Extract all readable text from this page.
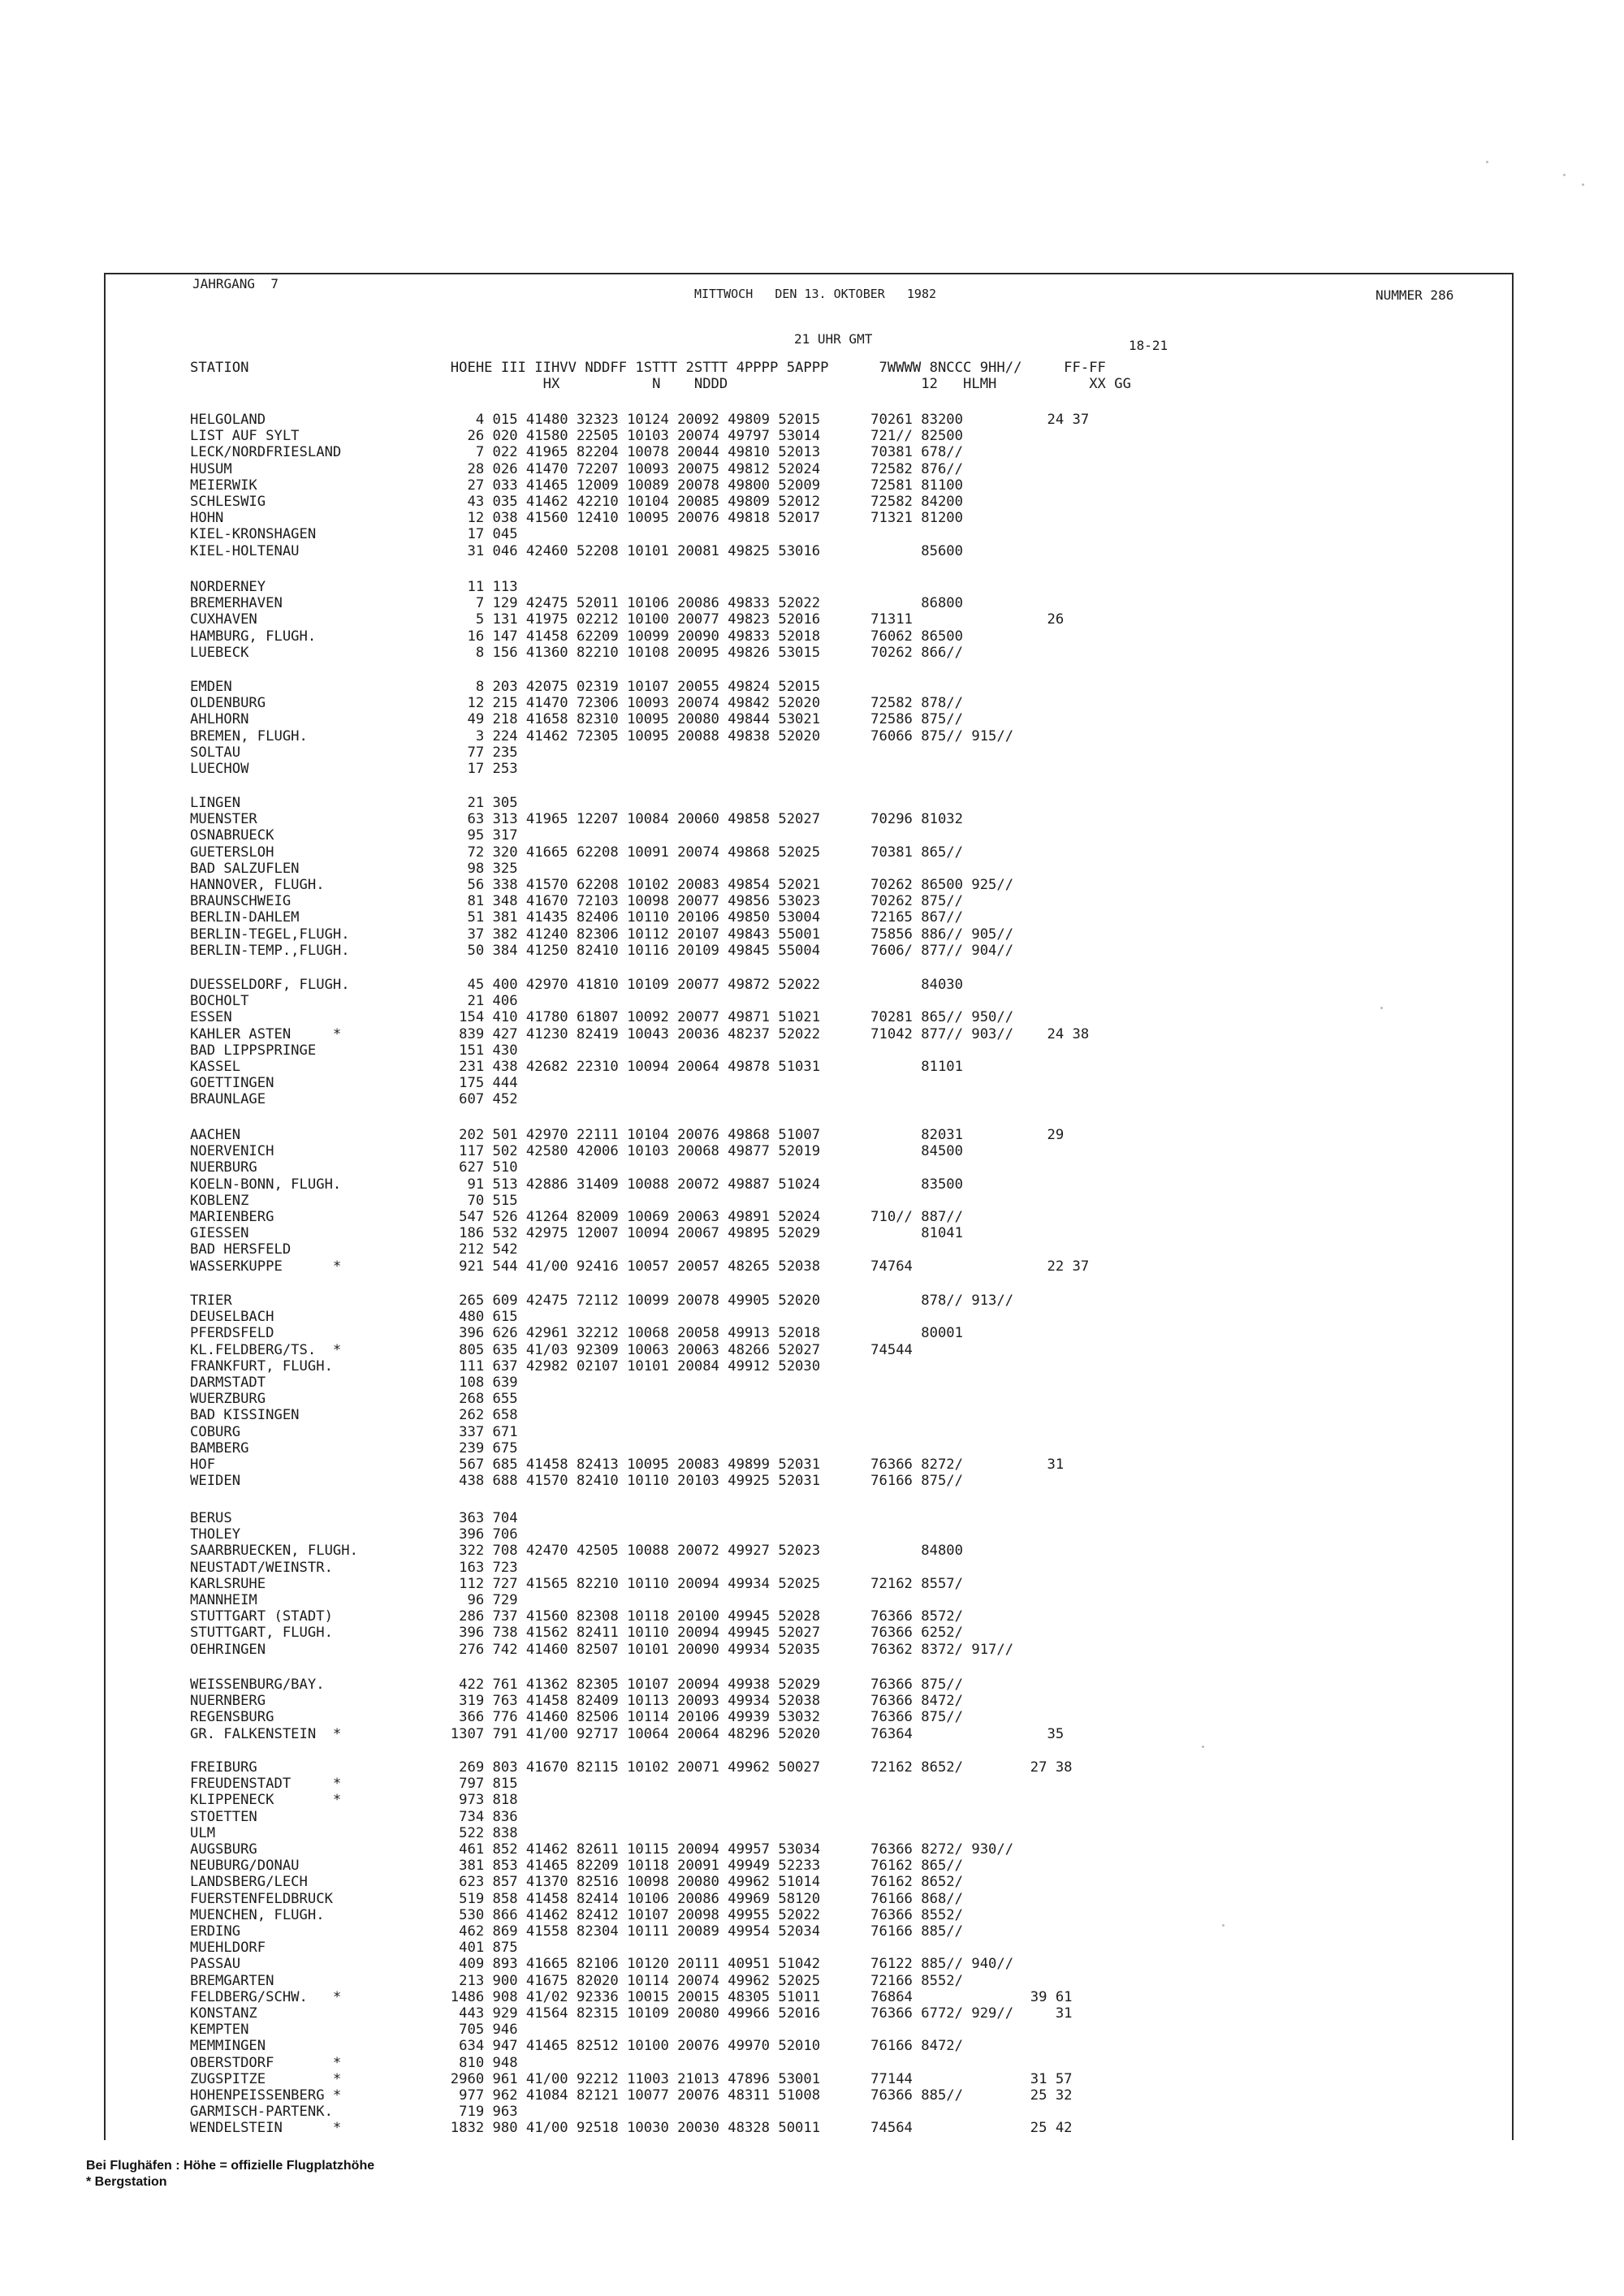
JAHRGANG  7
MITTWOCH   DEN 13. OKTOBER   1982	NUMMER 286
21 UHR GMT	18-21
STATION                        HOEHE III IIHVV NDDFF 1STTT 2STTT 4PPPP 5APPP      7WWWW 8NCCC 9HH//     FF-FF
HX           N    NDDD                       12   HLMH           XX GG
HELGOLAND                         4 015 41480 32323 10124 20092 49809 52015      70261 83200          24 37
LIST AUF SYLT                    26 020 41580 22505 10103 20074 49797 53014      721// 82500
LECK/NORDFRIESLAND                7 022 41965 82204 10078 20044 49810 52013      70381 678//
HUSUM                            28 026 41470 72207 10093 20075 49812 52024      72582 876//
MEIERWIK                         27 033 41465 12009 10089 20078 49800 52009      72581 81100
SCHLESWIG                        43 035 41462 42210 10104 20085 49809 52012      72582 84200
HOHN                             12 038 41560 12410 10095 20076 49818 52017      71321 81200
KIEL-KRONSHAGEN                  17 045
KIEL-HOLTENAU                    31 046 42460 52208 10101 20081 49825 53016            85600
NORDERNEY                        11 113
BREMERHAVEN                       7 129 42475 52011 10106 20086 49833 52022            86800
CUXHAVEN                          5 131 41975 02212 10100 20077 49823 52016      71311                26
HAMBURG, FLUGH.                  16 147 41458 62209 10099 20090 49833 52018      76062 86500
LUEBECK                           8 156 41360 82210 10108 20095 49826 53015      70262 866//
EMDEN                             8 203 42075 02319 10107 20055 49824 52015
OLDENBURG                        12 215 41470 72306 10093 20074 49842 52020      72582 878//
AHLHORN                          49 218 41658 82310 10095 20080 49844 53021      72586 875//
BREMEN, FLUGH.                    3 224 41462 72305 10095 20088 49838 52020      76066 875// 915//
SOLTAU                           77 235
LUECHOW                          17 253
LINGEN                           21 305
MUENSTER                         63 313 41965 12207 10084 20060 49858 52027      70296 81032
OSNABRUECK                       95 317
GUETERSLOH                       72 320 41665 62208 10091 20074 49868 52025      70381 865//
BAD SALZUFLEN                    98 325
HANNOVER, FLUGH.                 56 338 41570 62208 10102 20083 49854 52021      70262 86500 925//
BRAUNSCHWEIG                     81 348 41670 72103 10098 20077 49856 53023      70262 875//
BERLIN-DAHLEM                    51 381 41435 82406 10110 20106 49850 53004      72165 867//
BERLIN-TEGEL,FLUGH.              37 382 41240 82306 10112 20107 49843 55001      75856 886// 905//
BERLIN-TEMP.,FLUGH.              50 384 41250 82410 10116 20109 49845 55004      7606/ 877// 904//
DUESSELDORF, FLUGH.              45 400 42970 41810 10109 20077 49872 52022            84030
BOCHOLT                          21 406
ESSEN                           154 410 41780 61807 10092 20077 49871 51021      70281 865// 950//
KAHLER ASTEN     *              839 427 41230 82419 10043 20036 48237 52022      71042 877// 903//    24 38
BAD LIPPSPRINGE                 151 430
KASSEL                          231 438 42682 22310 10094 20064 49878 51031            81101
GOETTINGEN                      175 444
BRAUNLAGE                       607 452
AACHEN                          202 501 42970 22111 10104 20076 49868 51007            82031          29
NOERVENICH                      117 502 42580 42006 10103 20068 49877 52019            84500
NUERBURG                        627 510
KOELN-BONN, FLUGH.               91 513 42886 31409 10088 20072 49887 51024            83500
KOBLENZ                          70 515
MARIENBERG                      547 526 41264 82009 10069 20063 49891 52024      710// 887//
GIESSEN                         186 532 42975 12007 10094 20067 49895 52029            81041
BAD HERSFELD                    212 542
WASSERKUPPE      *              921 544 41/00 92416 10057 20057 48265 52038      74764                22 37
TRIER                           265 609 42475 72112 10099 20078 49905 52020            878// 913//
DEUSELBACH                      480 615
PFERDSFELD                      396 626 42961 32212 10068 20058 49913 52018            80001
KL.FELDBERG/TS.  *              805 635 41/03 92309 10063 20063 48266 52027      74544
FRANKFURT, FLUGH.               111 637 42982 02107 10101 20084 49912 52030
DARMSTADT                       108 639
WUERZBURG                       268 655
BAD KISSINGEN                   262 658
COBURG                          337 671
BAMBERG                         239 675
HOF                             567 685 41458 82413 10095 20083 49899 52031      76366 8272/          31
WEIDEN                          438 688 41570 82410 10110 20103 49925 52031      76166 875//
BERUS                           363 704
THOLEY                          396 706
SAARBRUECKEN, FLUGH.            322 708 42470 42505 10088 20072 49927 52023            84800
NEUSTADT/WEINSTR.               163 723
KARLSRUHE                       112 727 41565 82210 10110 20094 49934 52025      72162 8557/
MANNHEIM                         96 729
STUTTGART (STADT)               286 737 41560 82308 10118 20100 49945 52028      76366 8572/
STUTTGART, FLUGH.               396 738 41562 82411 10110 20094 49945 52027      76366 6252/
OEHRINGEN                       276 742 41460 82507 10101 20090 49934 52035      76362 8372/ 917//
WEISSENBURG/BAY.                422 761 41362 82305 10107 20094 49938 52029      76366 875//
NUERNBERG                       319 763 41458 82409 10113 20093 49934 52038      76366 8472/
REGENSBURG                      366 776 41460 82506 10114 20106 49939 53032      76366 875//
GR. FALKENSTEIN  *             1307 791 41/00 92717 10064 20064 48296 52020      76364                35
FREIBURG                        269 803 41670 82115 10102 20071 49962 50027      72162 8652/        27 38
FREUDENSTADT     *              797 815
KLIPPENECK       *              973 818
STOETTEN                        734 836
ULM                             522 838
AUGSBURG                        461 852 41462 82611 10115 20094 49957 53034      76366 8272/ 930//
NEUBURG/DONAU                   381 853 41465 82209 10118 20091 49949 52233      76162 865//
LANDSBERG/LECH                  623 857 41370 82516 10098 20080 49962 51014      76162 8652/
FUERSTENFELDBRUCK               519 858 41458 82414 10106 20086 49969 58120      76166 868//
MUENCHEN, FLUGH.                530 866 41462 82412 10107 20098 49955 52022      76366 8552/
ERDING                          462 869 41558 82304 10111 20089 49954 52034      76166 885//
MUEHLDORF                       401 875
PASSAU                          409 893 41665 82106 10120 20111 40951 51042      76122 885// 940//
BREMGARTEN                      213 900 41675 82020 10114 20074 49962 52025      72166 8552/
FELDBERG/SCHW.   *             1486 908 41/02 92336 10015 20015 48305 51011      76864              39 61
KONSTANZ                        443 929 41564 82315 10109 20080 49966 52016      76366 6772/ 929//     31
KEMPTEN                         705 946
MEMMINGEN                       634 947 41465 82512 10100 20076 49970 52010      76166 8472/
OBERSTDORF       *              810 948
ZUGSPITZE        *             2960 961 41/00 92212 11003 21013 47896 53001      77144              31 57
HOHENPEISSENBERG *              977 962 41084 82121 10077 20076 48311 51008      76366 885//        25 32
GARMISCH-PARTENK.               719 963
WENDELSTEIN      *             1832 980 41/00 92518 10030 20030 48328 50011      74564              25 42
Bei Flughäfen : Höhe = offizielle Flugplatzhöhe
* Bergstation
